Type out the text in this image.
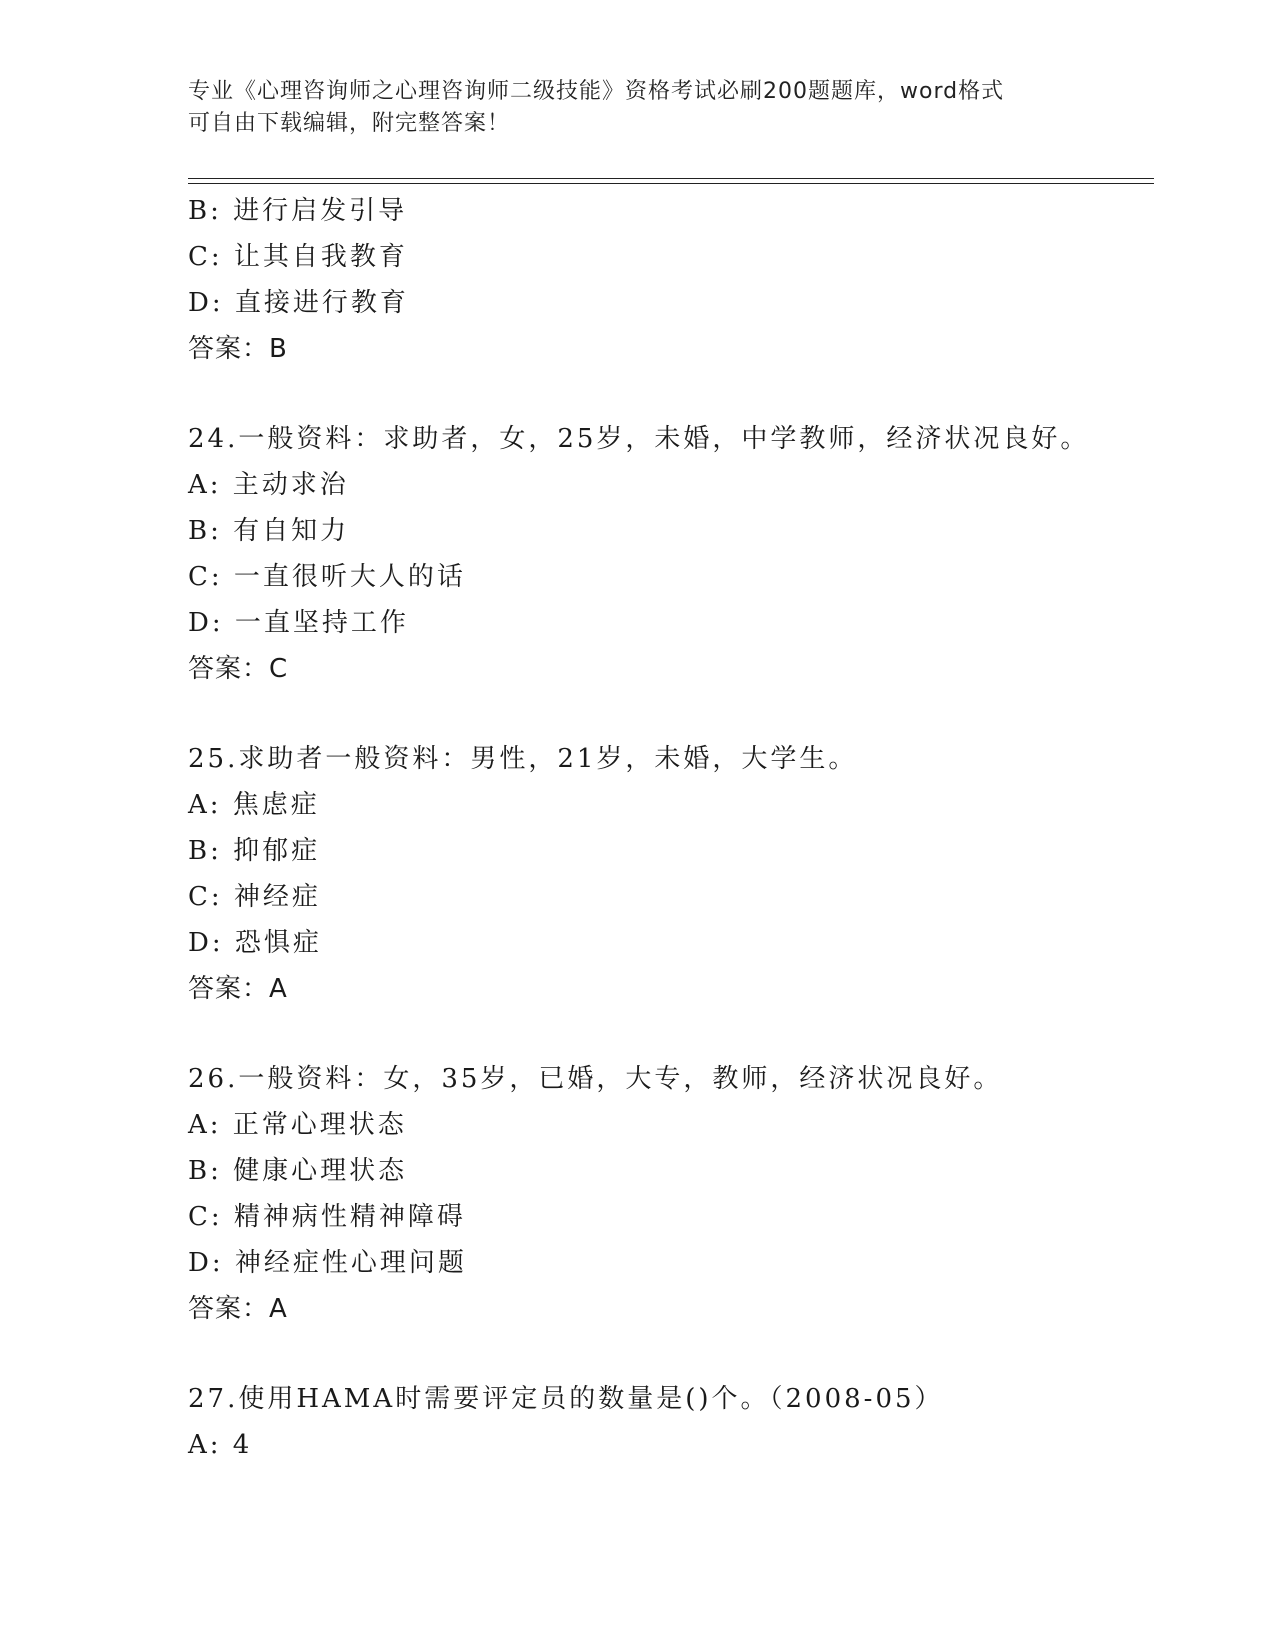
专业《心理咨询师之心理咨询师二级技能》资格考试必刷200题题库，word格式
可自由下载编辑，附完整答案！
B: 进行启发引导
C: 让其自我教育
D: 直接进行教育
答案：B
24.一般资料：求助者，女，25岁，未婚，中学教师，经济状况良好。
A: 主动求治
B: 有自知力
C: 一直很听大人的话
D: 一直坚持工作
答案：C
25.求助者一般资料：男性，21岁，未婚，大学生。
A: 焦虑症
B: 抑郁症
C: 神经症
D: 恐惧症
答案：A
26.一般资料：女，35岁，已婚，大专，教师，经济状况良好。
A: 正常心理状态
B: 健康心理状态
C: 精神病性精神障碍
D: 神经症性心理问题
答案：A
27.使用HAMA时需要评定员的数量是()个。（2008-05）
A: 4
